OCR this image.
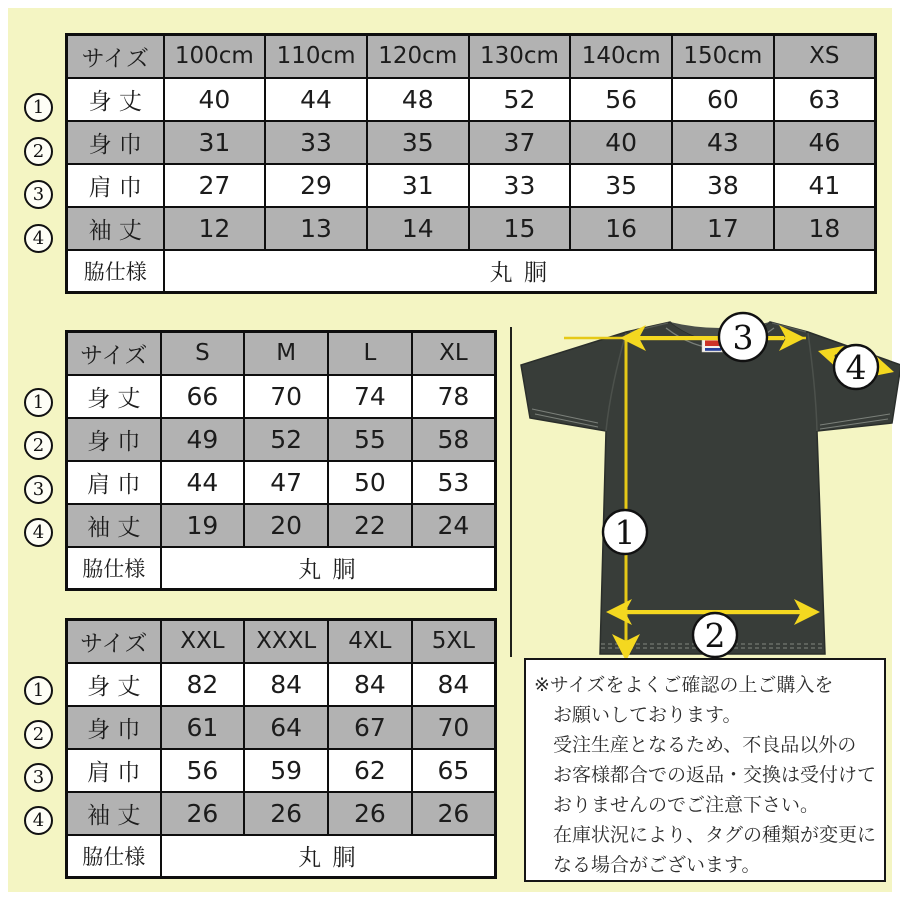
サイズ	100cm	110cm	120cm	130cm	140cm	150cm	XS
身 丈	40	44	48	52	56	60	63
身 巾	31	33	35	37	40	43	46
肩 巾	27	29	31	33	35	38	41
袖 丈	12	13	14	15	16	17	18
脇仕様	丸 胴						
1
2
3
4
サイズ	S	M	L	XL
身 丈	66	70	74	78
身 巾	49	52	55	58
肩 巾	44	47	50	53
袖 丈	19	20	22	24
脇仕様	丸 胴			
1
2
3
4
サイズ	XXL	XXXL	4XL	5XL
身 丈	82	84	84	84
身 巾	61	64	67	70
肩 巾	56	59	62	65
袖 丈	26	26	26	26
脇仕様	丸 胴			
1
2
3
4
3
4
1
2
※サイズをよくご確認の上ご購入を
お願いしております。
受注生産となるため、不良品以外の
お客様都合での返品・交換は受付けて
おりませんのでご注意下さい。
在庫状況により、タグの種類が変更に
なる場合がございます。
